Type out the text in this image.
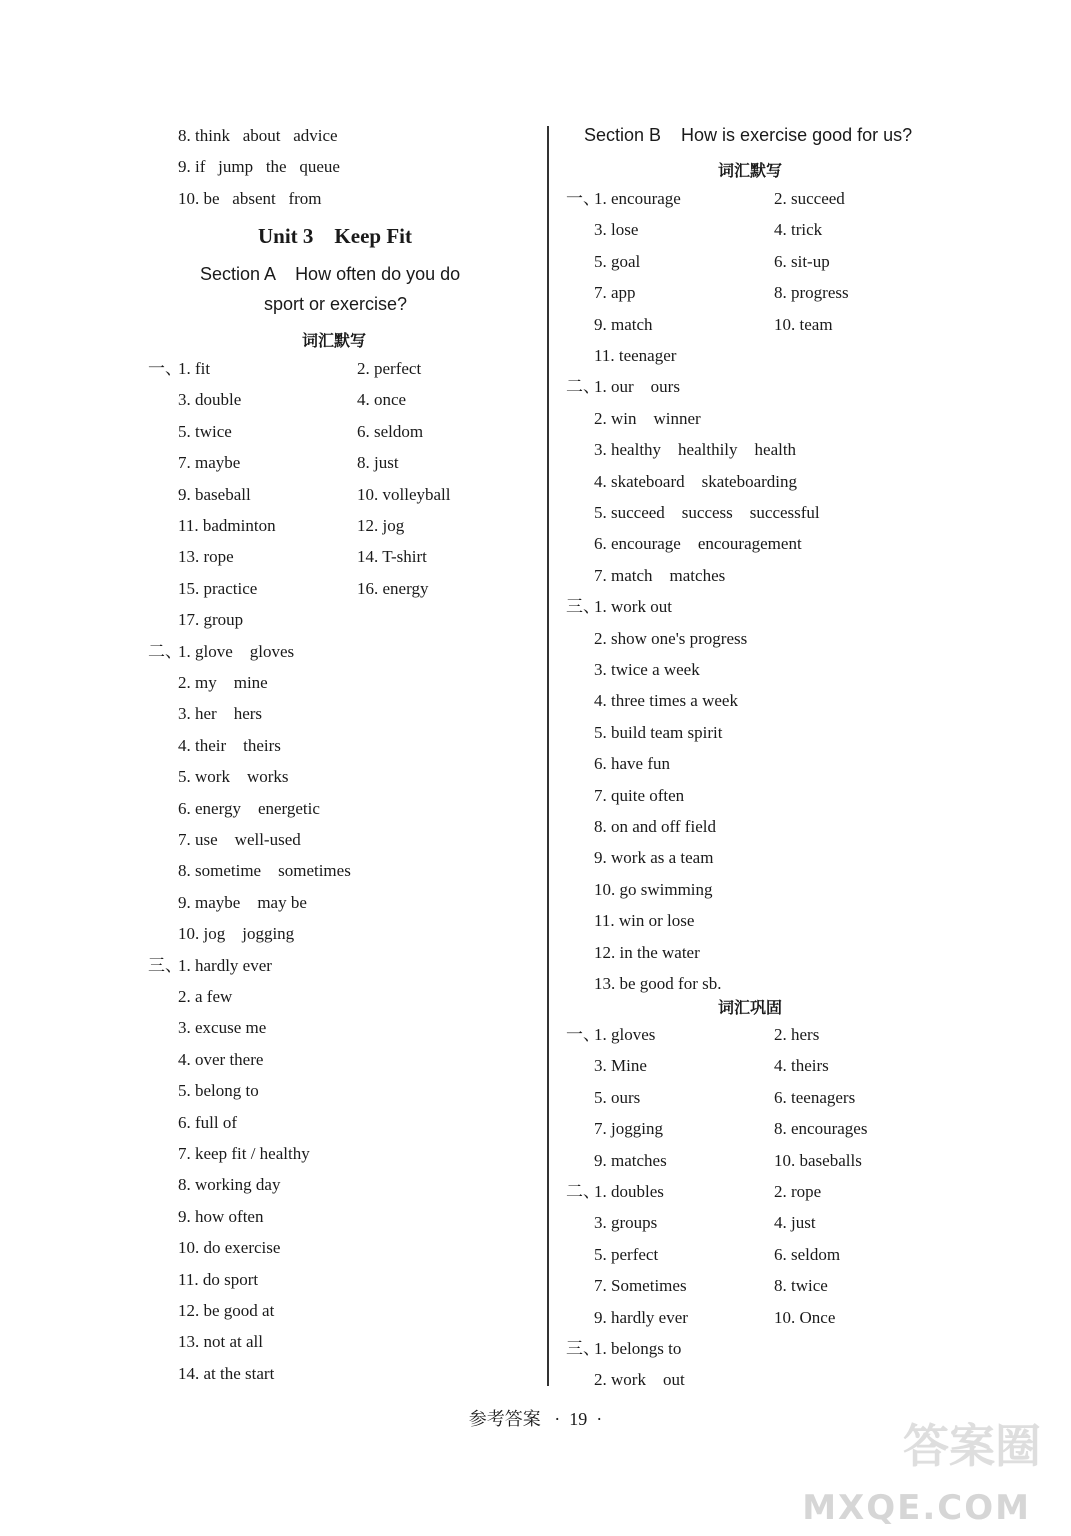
8. think   about   advice
9. if   jump   the   queue
10. be   absent   from
Unit 3    Keep Fit
Section A    How often do you do
sport or exercise?
词汇默写
一、
1. fit
3. double
5. twice
7. maybe
9. baseball
11. badminton
13. rope
15. practice
17. group
2. perfect
4. once
6. seldom
8. just
10. volleyball
12. jog
14. T-shirt
16. energy
二、
1. glove    gloves
2. my    mine
3. her    hers
4. their    theirs
5. work    works
6. energy    energetic
7. use    well-used
8. sometime    sometimes
9. maybe    may be
10. jog    jogging
三、
1. hardly ever
2. a few
3. excuse me
4. over there
5. belong to
6. full of
7. keep fit / healthy
8. working day
9. how often
10. do exercise
11. do sport
12. be good at
13. not at all
14. at the start
Section B    How is exercise good for us?
词汇默写
一、
1. encourage
3. lose
5. goal
7. app
9. match
11. teenager
2. succeed
4. trick
6. sit-up
8. progress
10. team
二、
1. our    ours
2. win    winner
3. healthy    healthily    health
4. skateboard    skateboarding
5. succeed    success    successful
6. encourage    encouragement
7. match    matches
三、
1. work out
2. show one's progress
3. twice a week
4. three times a week
5. build team spirit
6. have fun
7. quite often
8. on and off field
9. work as a team
10. go swimming
11. win or lose
12. in the water
13. be good for sb.
词汇巩固
一、
1. gloves
3. Mine
5. ours
7. jogging
9. matches
2. hers
4. theirs
6. teenagers
8. encourages
10. baseballs
二、
1. doubles
3. groups
5. perfect
7. Sometimes
9. hardly ever
2. rope
4. just
6. seldom
8. twice
10. Once
三、
1. belongs to
2. work    out
参考答案 · 19 ·	答案圈
MXQE.COM
